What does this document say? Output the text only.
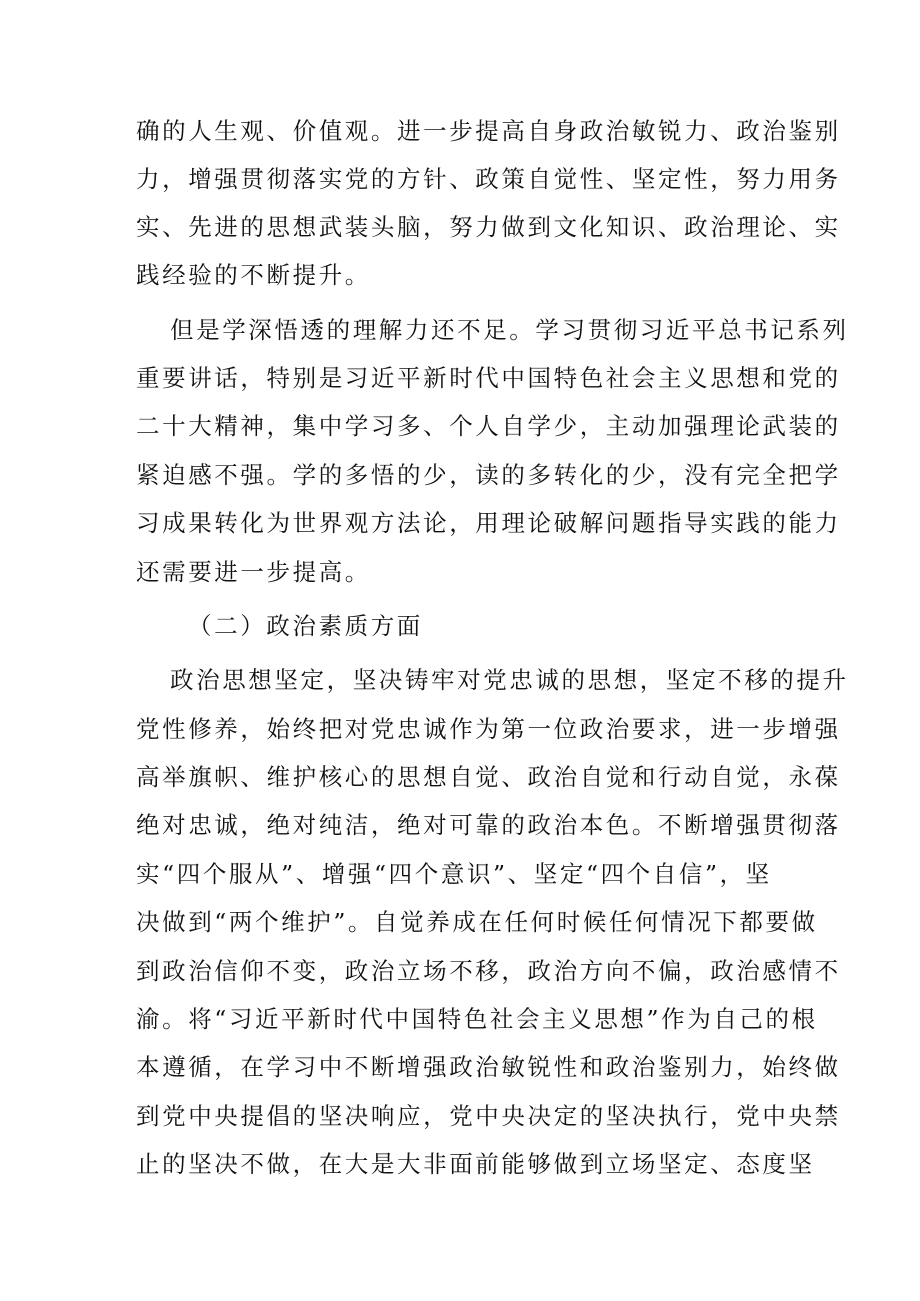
确的人生观、价值观。进一步提高自身政治敏锐力、政治鉴别
力，增强贯彻落实党的方针、政策自觉性、坚定性，努力用务
实、先进的思想武装头脑，努力做到文化知识、政治理论、实
践经验的不断提升。
但是学深悟透的理解力还不足。学习贯彻习近平总书记系列
重要讲话，特别是习近平新时代中国特色社会主义思想和党的
二十大精神，集中学习多、个人自学少，主动加强理论武装的
紧迫感不强。学的多悟的少，读的多转化的少，没有完全把学
习成果转化为世界观方法论，用理论破解问题指导实践的能力
还需要进一步提高。
（二）政治素质方面
政治思想坚定，坚决铸牢对党忠诚的思想，坚定不移的提升
党性修养，始终把对党忠诚作为第一位政治要求，进一步增强
高举旗帜、维护核心的思想自觉、政治自觉和行动自觉，永葆
绝对忠诚，绝对纯洁，绝对可靠的政治本色。不断增强贯彻落
实“四个服从”、增强“四个意识”、坚定“四个自信”，坚
决做到“两个维护”。自觉养成在任何时候任何情况下都要做
到政治信仰不变，政治立场不移，政治方向不偏，政治感情不
渝。将“习近平新时代中国特色社会主义思想”作为自己的根
本遵循，在学习中不断增强政治敏锐性和政治鉴别力，始终做
到党中央提倡的坚决响应，党中央决定的坚决执行，党中央禁
止的坚决不做，在大是大非面前能够做到立场坚定、态度坚
